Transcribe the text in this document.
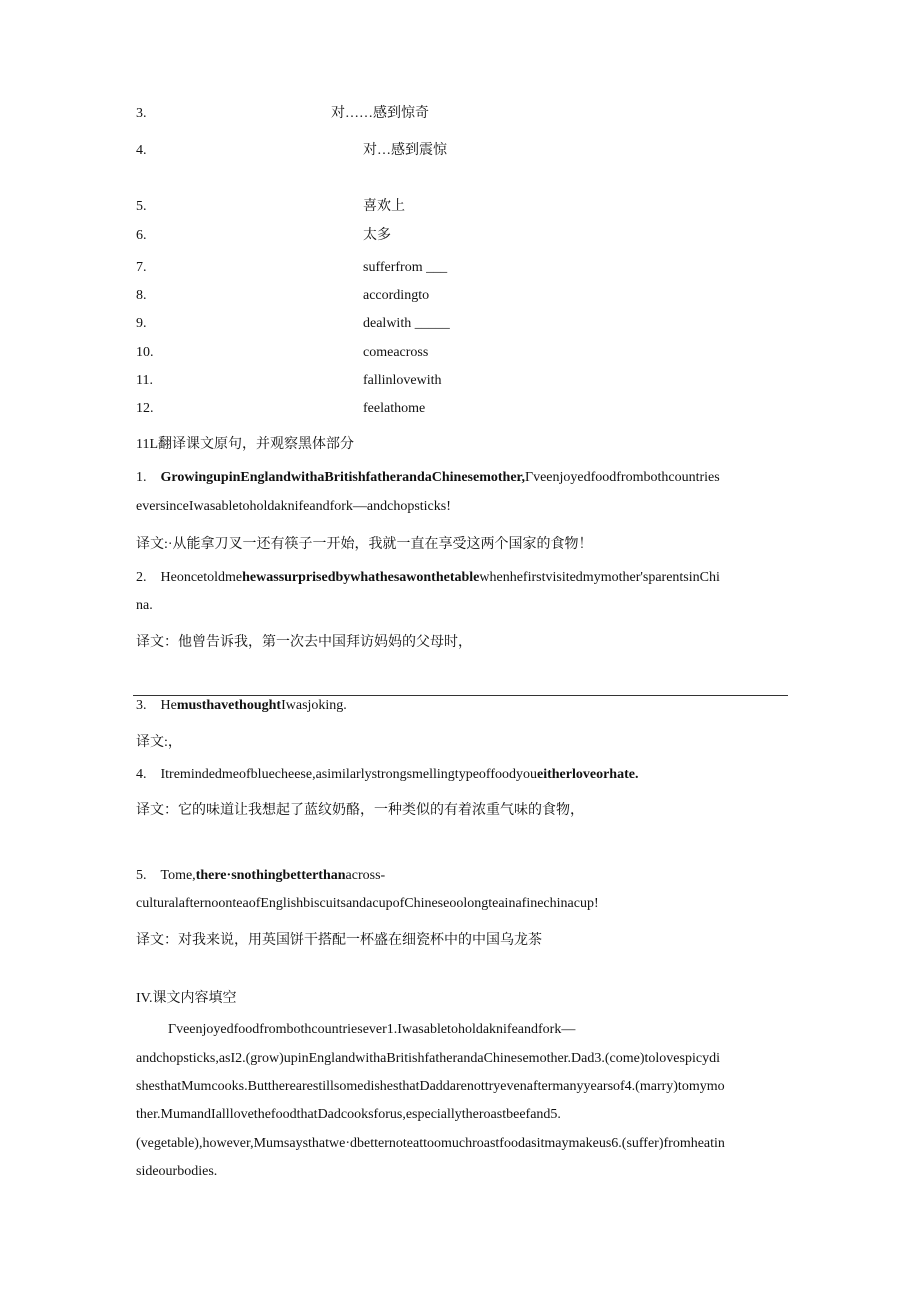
3.	对……感到惊奇
4.	对…感到震惊
5.	喜欢上
6.	太多
7.	sufferfrom ___
8.	accordingto
9.	dealwith _____
10.	comeacross
11.	fallinlovewith
12.	feelathome
11L翻译课文原句，并观察黑体部分
1. GrowingupinEnglandwithaBritishfatherandaChinesemother,Γveenjoyedfoodfrombothcountries
eversinceIwasabletoholdaknifeandfork—andchopsticks!
译文:·从能拿刀叉一还有筷子一开始，我就一直在享受这两个国家的食物！
2. Heoncetoldmehewassurprisedbywhathesawonthetablewhenhefirstvisitedmymother'sparentsinChi
na.
译文：他曾告诉我，第一次去中国拜访妈妈的父母时，
3. HemusthavethoughtIwasjoking.
译文:，
4. Itremindedmeofbluecheese,asimilarlystrongsmellingtypeoffoodyoueitherloveorhate.
译文：它的味道让我想起了蓝纹奶酪，一种类似的有着浓重气味的食物，
5. Tome,there·snothingbetterthanacross-
culturalafternoonteaofEnglishbiscuitsandacupofChineseoolongteainafinechinacup!
译文：对我来说，用英国饼干搭配一杯盛在细瓷杯中的中国乌龙茶
IV.课文内容填空
Γveenjoyedfoodfrombothcountriesever1.Iwasabletoholdaknifeandfork—
andchopsticks,asI2.(grow)upinEnglandwithaBritishfatherandaChinesemother.Dad3.(come)tolovespicydi
shesthatMumcooks.ButtherearestillsomedishesthatDaddarenottryevenaftermanyyearsof4.(marry)tomymo
ther.MumandIalllovethefoodthatDadcooksforus,especiallytheroastbeefand5.
(vegetable),however,Mumsaysthatwe·dbetternoteattoomuchroastfoodasitmaymakeus6.(suffer)fromheatin
sideourbodies.
